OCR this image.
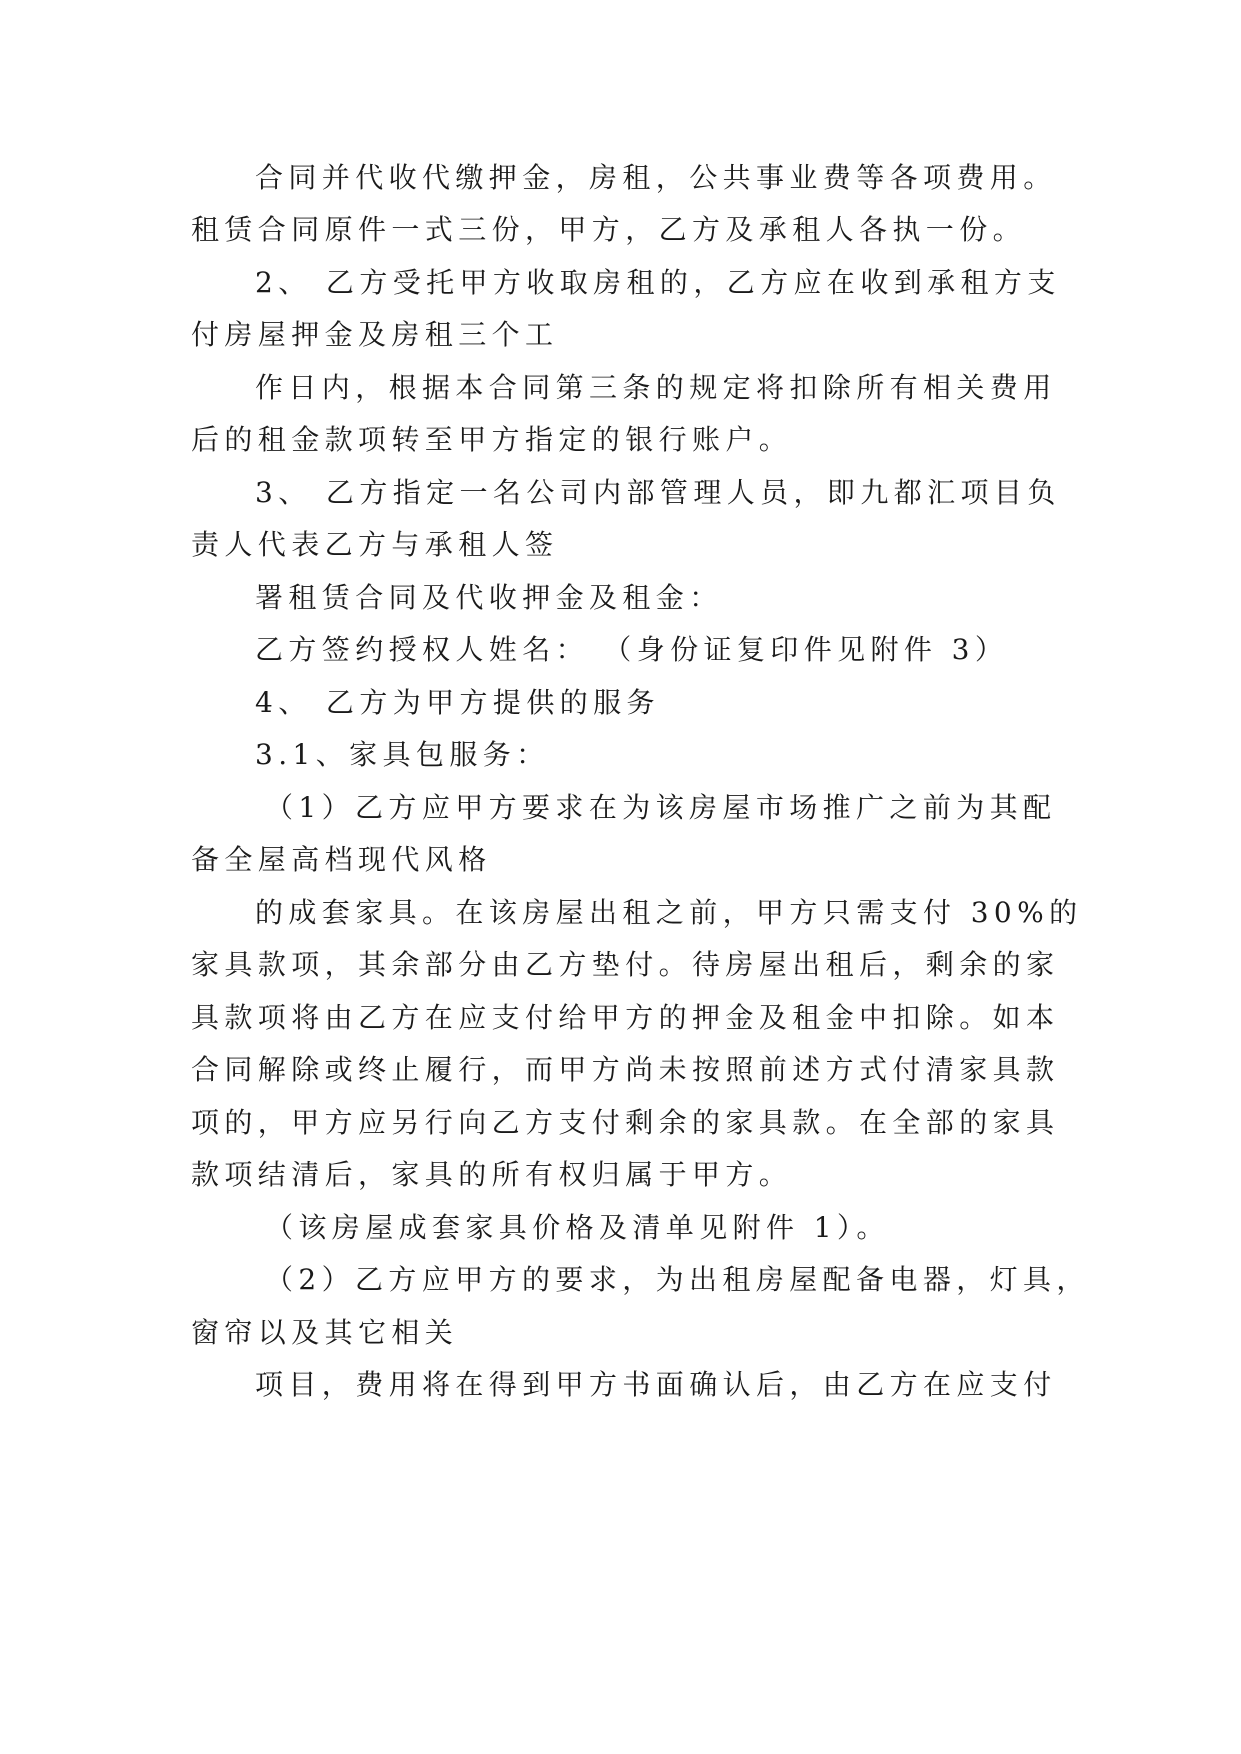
合同并代收代缴押金，房租，公共事业费等各项费用。
租赁合同原件一式三份，甲方，乙方及承租人各执一份。
2、 乙方受托甲方收取房租的，乙方应在收到承租方支
付房屋押金及房租三个工
作日内，根据本合同第三条的规定将扣除所有相关费用
后的租金款项转至甲方指定的银行账户。
3、 乙方指定一名公司内部管理人员，即九都汇项目负
责人代表乙方与承租人签
署租赁合同及代收押金及租金：
乙方签约授权人姓名： （身份证复印件见附件 3）
4、 乙方为甲方提供的服务
3.1、家具包服务：
（1）乙方应甲方要求在为该房屋市场推广之前为其配
备全屋高档现代风格
的成套家具。在该房屋出租之前，甲方只需支付 30%的
家具款项，其余部分由乙方垫付。待房屋出租后，剩余的家
具款项将由乙方在应支付给甲方的押金及租金中扣除。如本
合同解除或终止履行，而甲方尚未按照前述方式付清家具款
项的，甲方应另行向乙方支付剩余的家具款。在全部的家具
款项结清后，家具的所有权归属于甲方。
（该房屋成套家具价格及清单见附件 1）。
（2）乙方应甲方的要求，为出租房屋配备电器，灯具，
窗帘以及其它相关
项目，费用将在得到甲方书面确认后，由乙方在应支付
